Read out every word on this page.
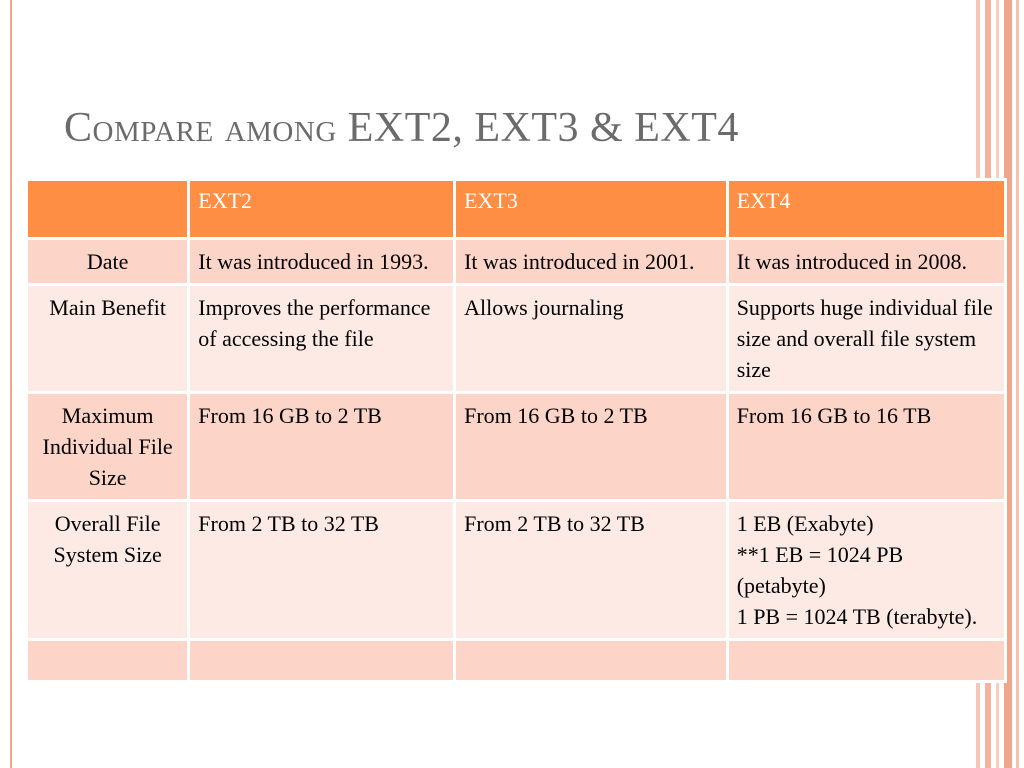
Compare among EXT2, EXT3 & EXT4
	EXT2	EXT3	EXT4
Date	It was introduced in 1993.	It was introduced in 2001.	It was introduced in 2008.
Main Benefit	Improves the performance of accessing the file	Allows journaling	Supports huge individual file size and overall file system size
Maximum Individual File Size	From 16 GB to 2 TB	From 16 GB to 2 TB	From 16 GB to 16 TB
Overall File System Size	From 2 TB to 32 TB	From 2 TB to 32 TB	1 EB (Exabyte)
**1 EB = 1024 PB (petabyte)
1 PB = 1024 TB (terabyte).
